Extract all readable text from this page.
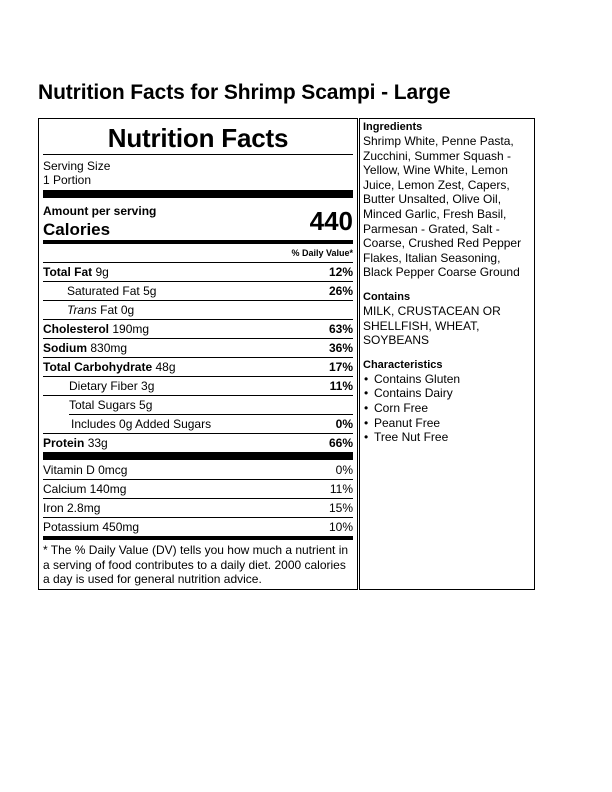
Nutrition Facts for Shrimp Scampi - Large
Nutrition Facts
Serving Size
1 Portion
Amount per serving
Calories	440
% Daily Value*
Total Fat 9g	12%
Saturated Fat 5g	26%
Trans Fat 0g
Cholesterol 190mg	63%
Sodium 830mg	36%
Total Carbohydrate 48g	17%
Dietary Fiber 3g	11%
Total Sugars 5g
Includes 0g Added Sugars	0%
Protein 33g	66%
Vitamin D 0mcg	0%
Calcium 140mg	11%
Iron 2.8mg	15%
Potassium 450mg	10%
* The % Daily Value (DV) tells you how much a nutrient in a serving of food contributes to a daily diet. 2000 calories a day is used for general nutrition advice.
Ingredients
Shrimp White, Penne Pasta, Zucchini, Summer Squash - Yellow, Wine White, Lemon Juice, Lemon Zest, Capers, Butter Unsalted, Olive Oil, Minced Garlic, Fresh Basil, Parmesan - Grated, Salt - Coarse, Crushed Red Pepper Flakes, Italian Seasoning, Black Pepper Coarse Ground
Contains
MILK, CRUSTACEAN OR SHELLFISH, WHEAT, SOYBEANS
Characteristics
• Contains Gluten
• Contains Dairy
• Corn Free
• Peanut Free
• Tree Nut Free
